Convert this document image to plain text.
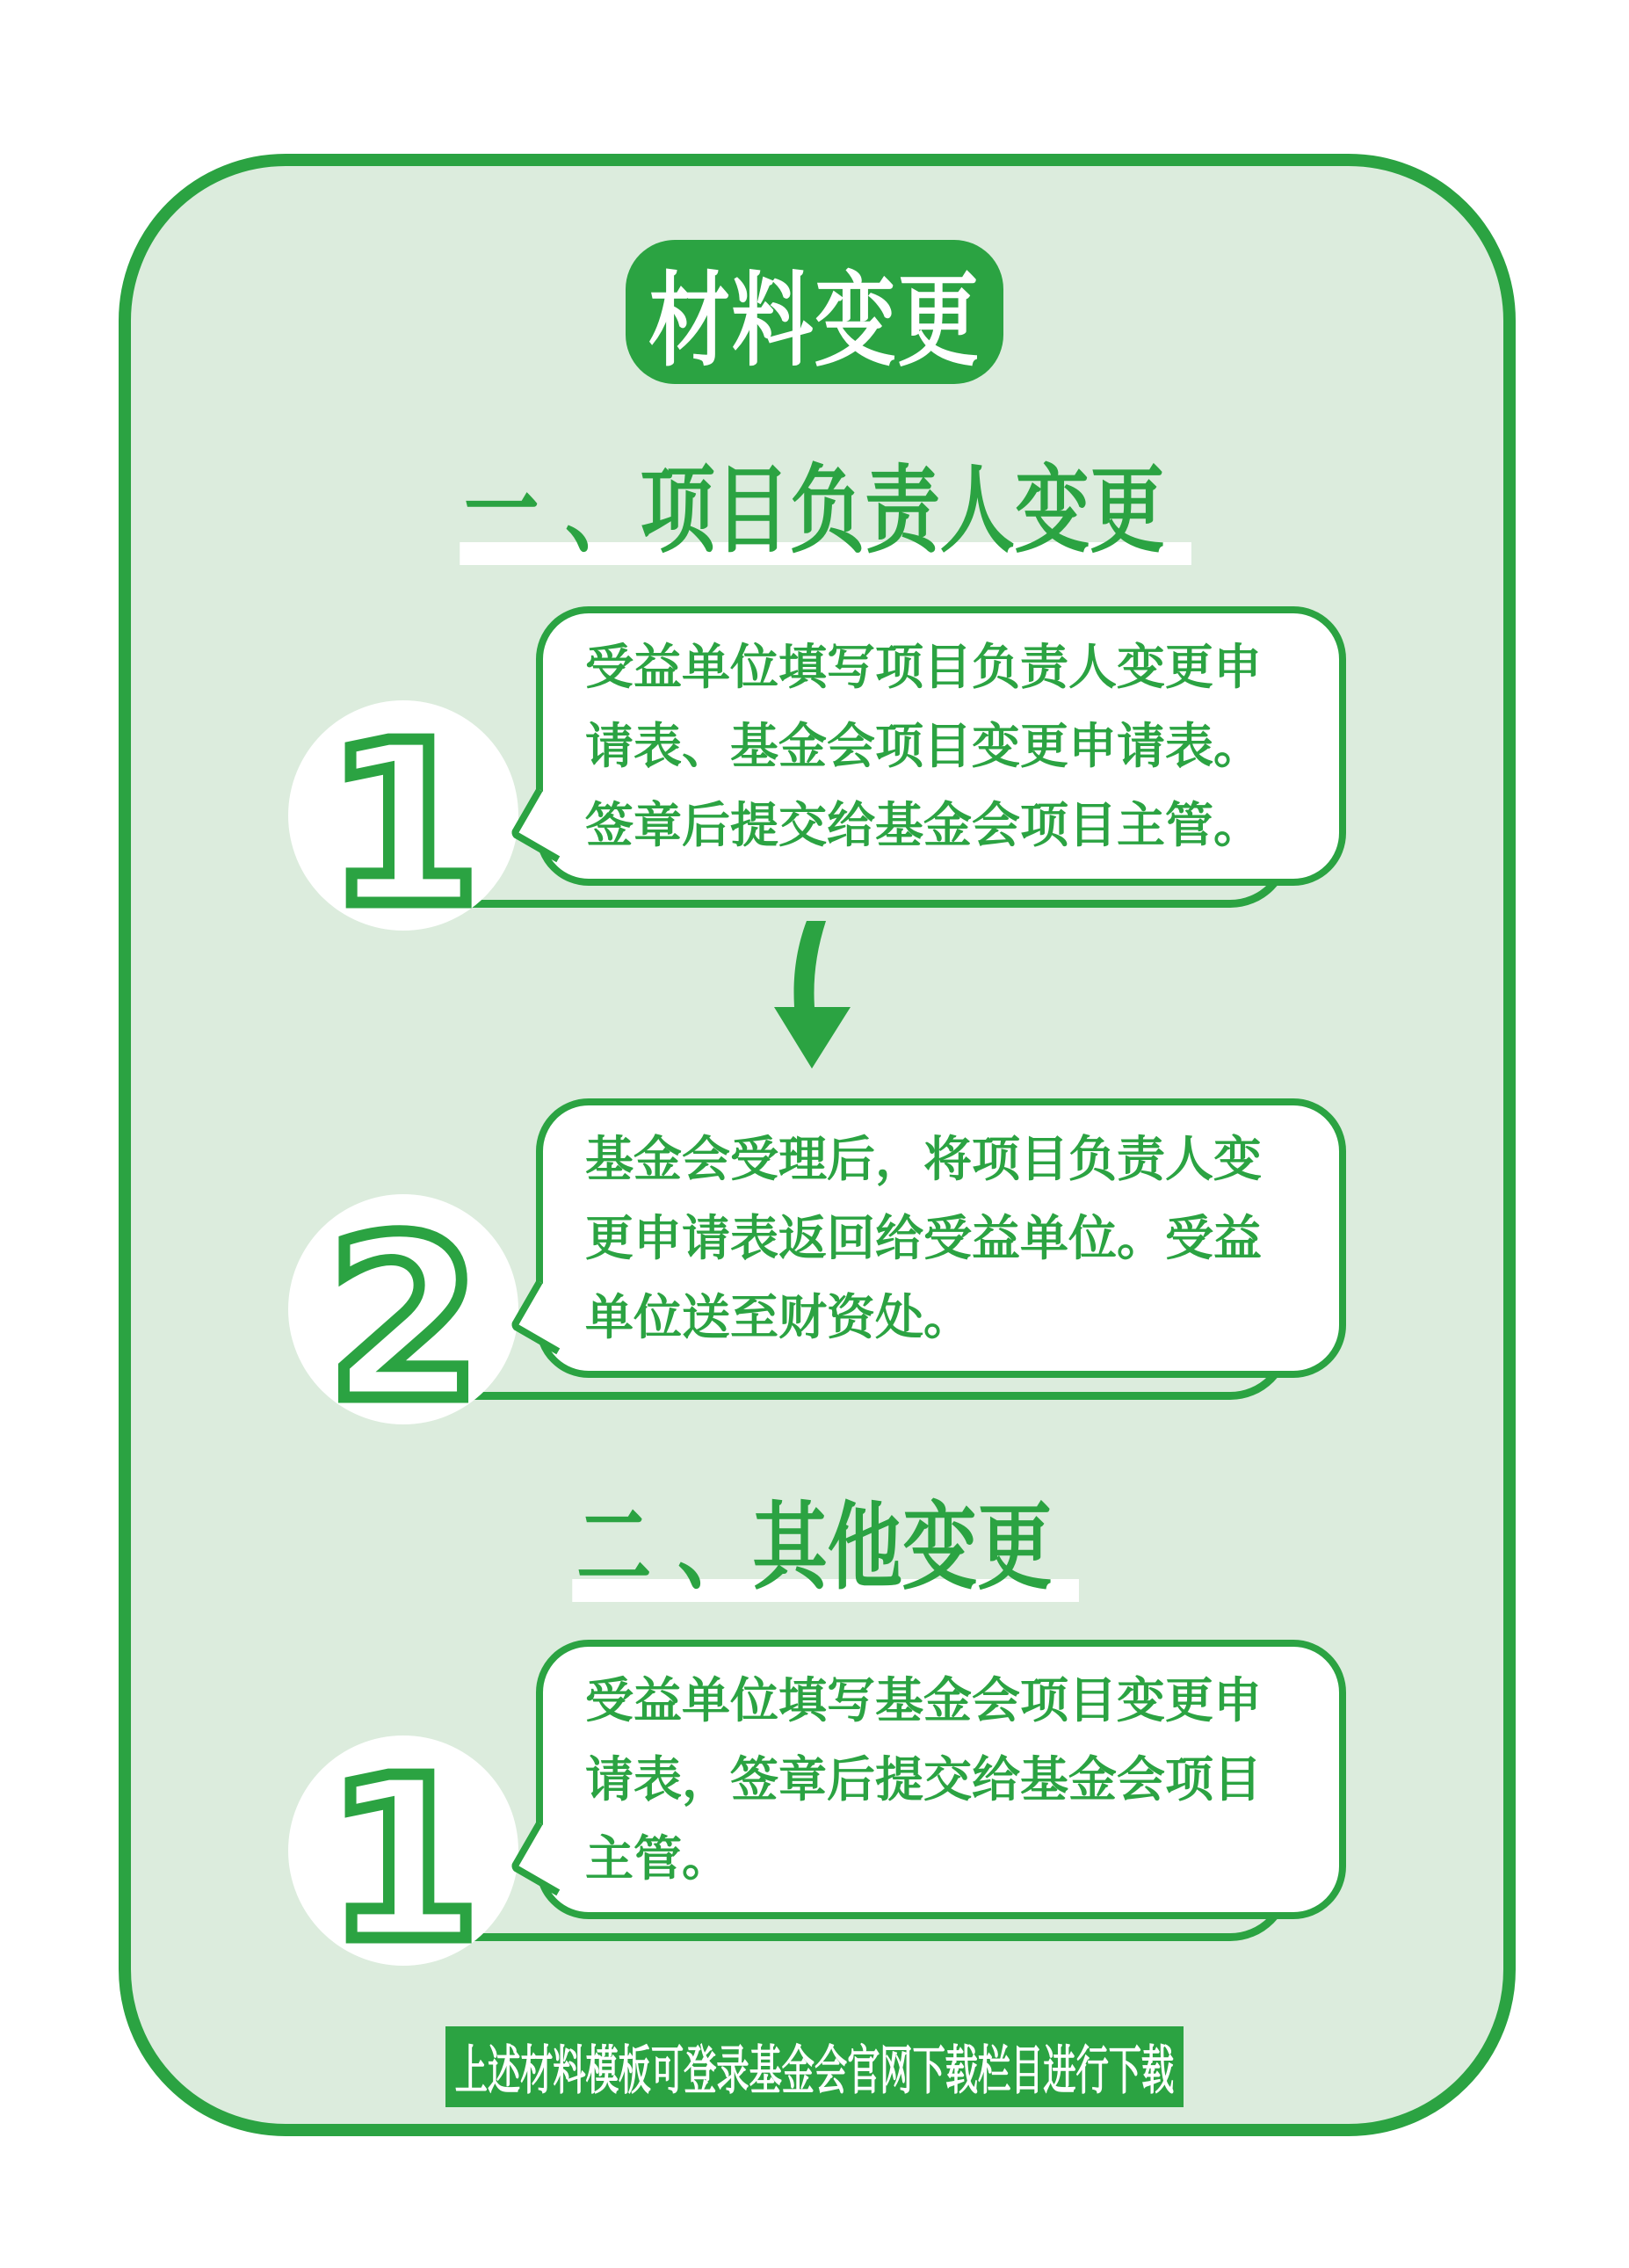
材料变更
一 、项目负责人变更
1

受益单位填写项目负责人变更申请表、基金会项目变更申请表。签章后提交给基金会项目主管。

2

基金会受理后，将项目负责人变更申请表返回给受益单位。受益单位送至财资处。

二 、其他变更
1

受益单位填写基金会项目变更申请表，签章后提交给基金会项目主管。

上述材料模板可登录基金会官网下载栏目进行下载
